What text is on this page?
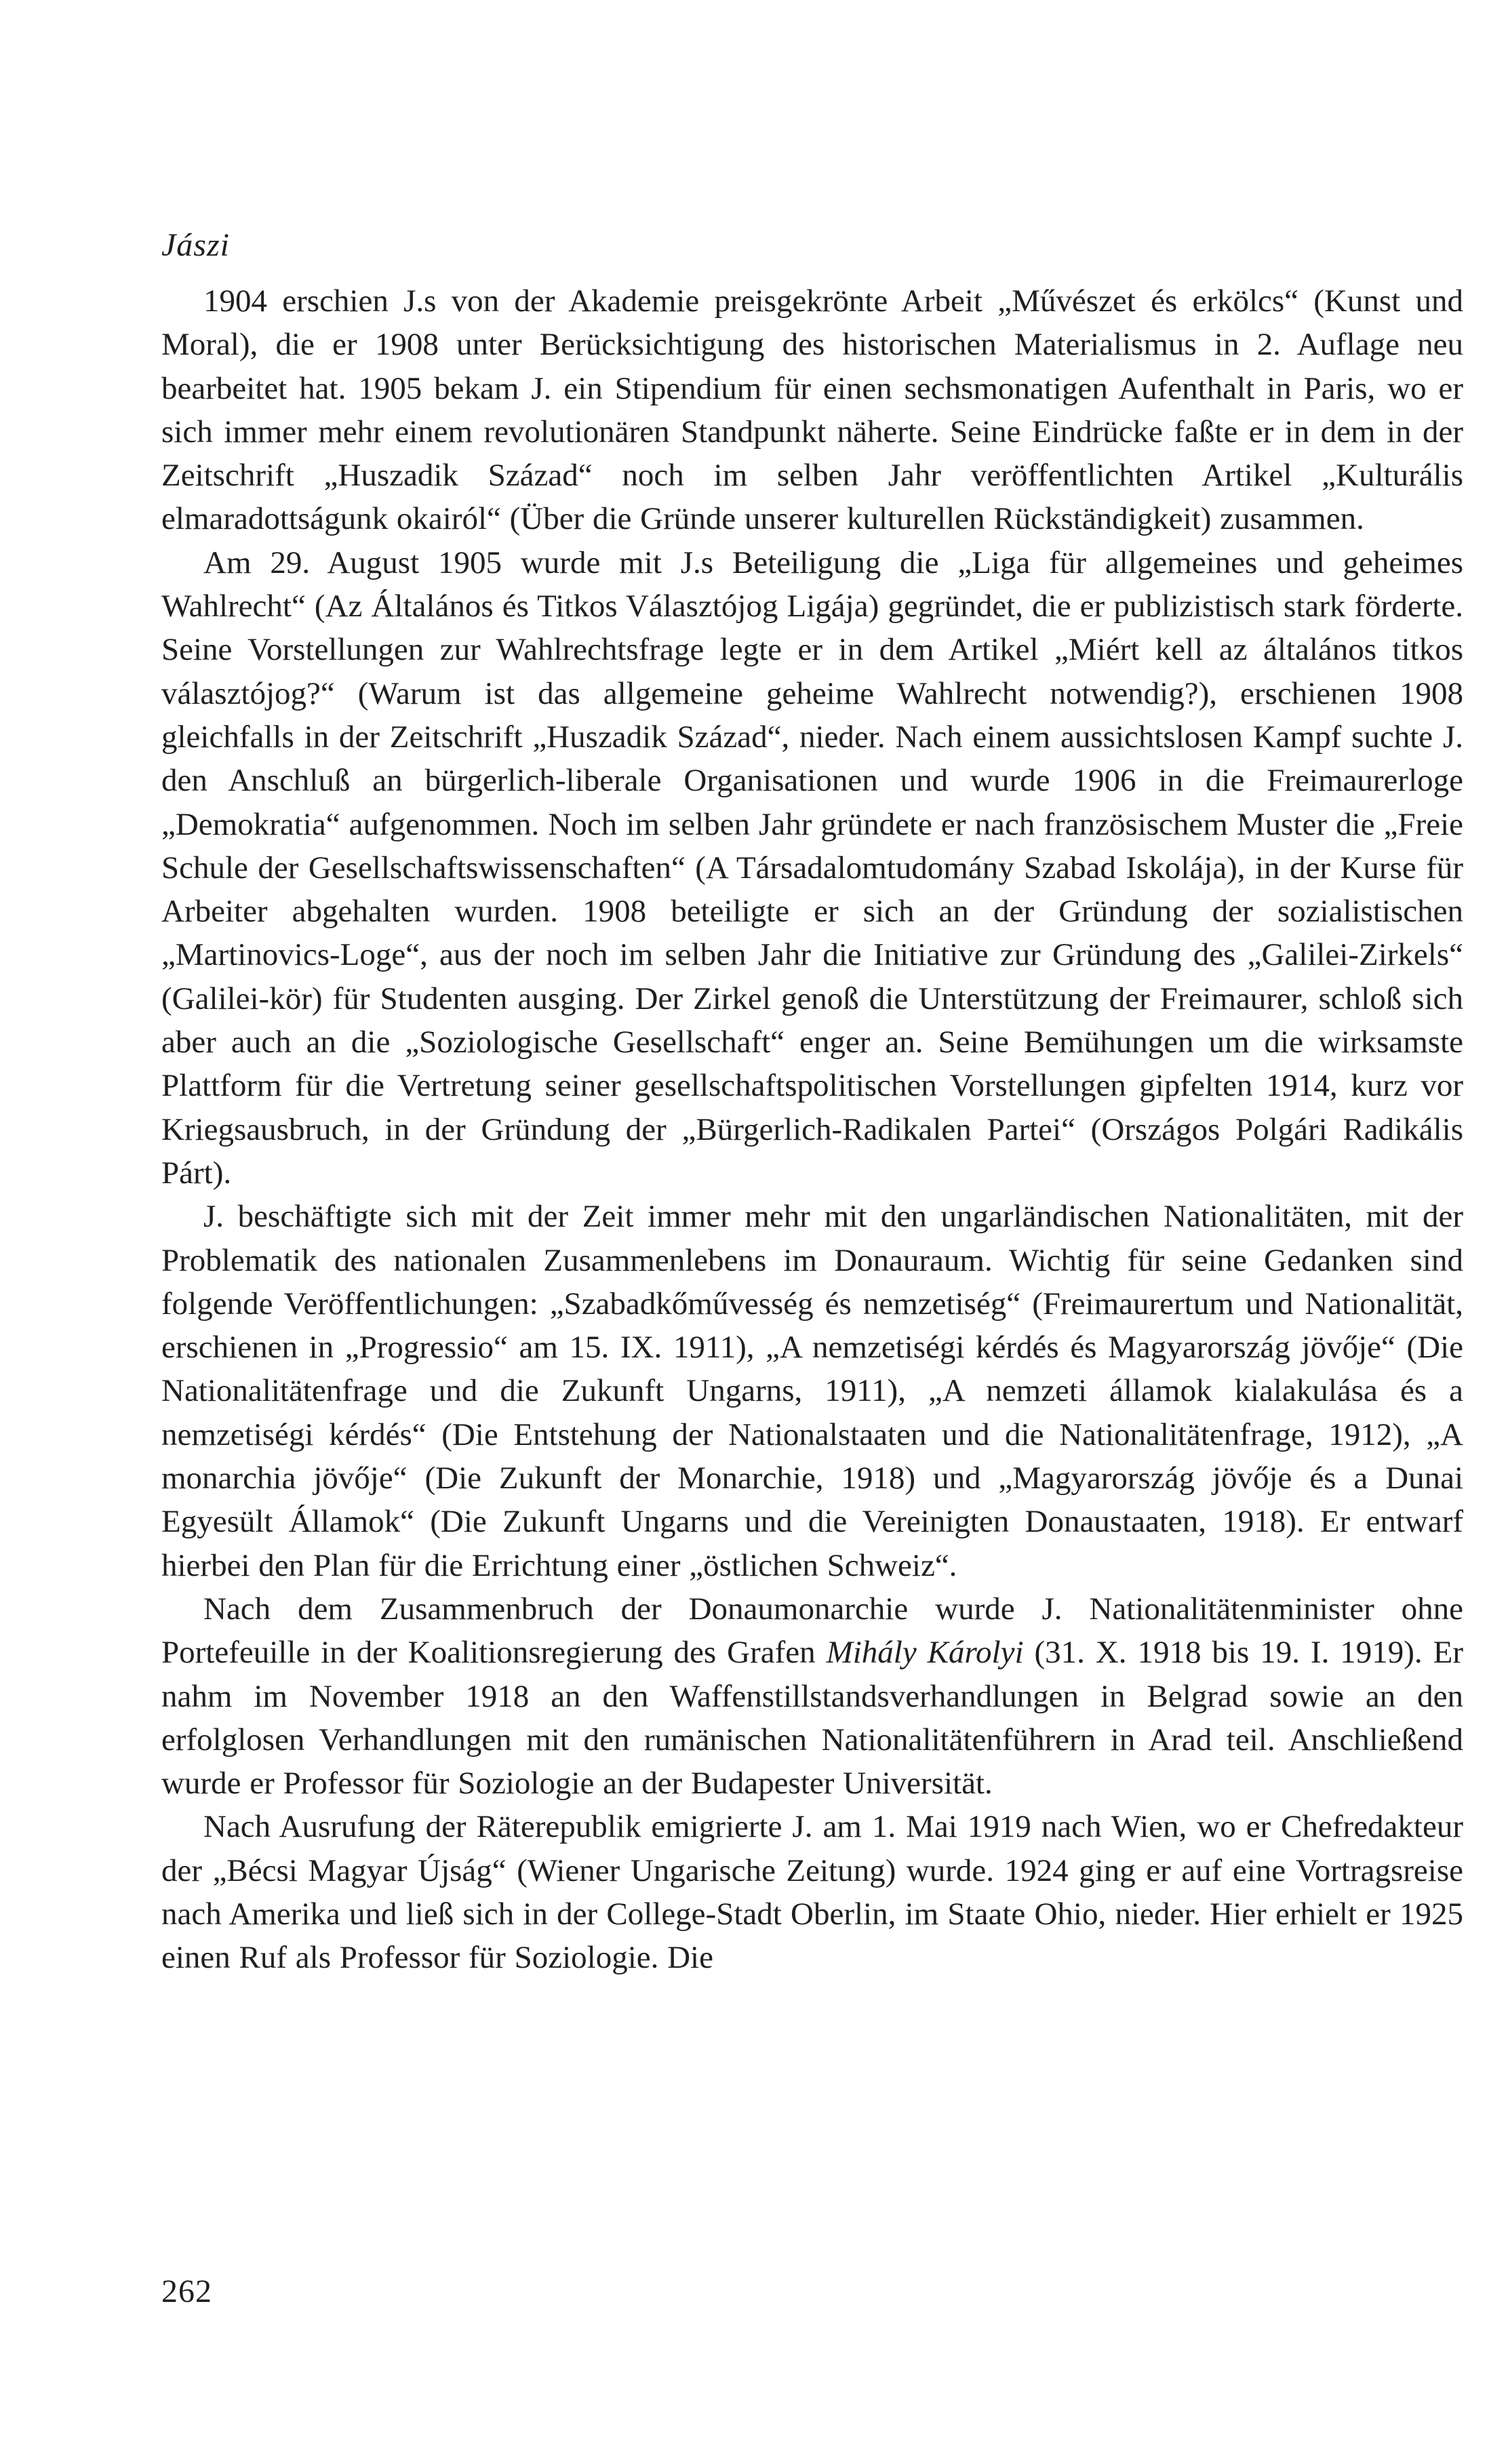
Jászi

1904 erschien J.s von der Akademie preisgekrönte Arbeit „Művészet és erkölcs“ (Kunst und Moral), die er 1908 unter Berücksichtigung des historischen Materialismus in 2. Auflage neu bearbeitet hat. 1905 bekam J. ein Stipendium für einen sechsmonatigen Aufenthalt in Paris, wo er sich immer mehr einem revolutionären Standpunkt näherte. Seine Eindrücke faßte er in dem in der Zeitschrift „Huszadik Század“ noch im selben Jahr veröffentlichten Artikel „Kulturális elmaradottságunk okairól“ (Über die Gründe unserer kulturellen Rückständigkeit) zusammen.

Am 29. August 1905 wurde mit J.s Beteiligung die „Liga für allgemeines und geheimes Wahlrecht“ (Az Általános és Titkos Választójog Ligája) gegründet, die er publizistisch stark förderte. Seine Vorstellungen zur Wahlrechtsfrage legte er in dem Artikel „Miért kell az általános titkos választójog?“ (Warum ist das allgemeine geheime Wahlrecht notwendig?), erschienen 1908 gleichfalls in der Zeitschrift „Huszadik Század“, nieder. Nach einem aussichtslosen Kampf suchte J. den Anschluß an bürgerlich-liberale Organisationen und wurde 1906 in die Freimaurerloge „Demokratia“ aufgenommen. Noch im selben Jahr gründete er nach französischem Muster die „Freie Schule der Gesellschaftswissenschaften“ (A Társadalomtudomány Szabad Iskolája), in der Kurse für Arbeiter abgehalten wurden. 1908 beteiligte er sich an der Gründung der sozialistischen „Martinovics-Loge“, aus der noch im selben Jahr die Initiative zur Gründung des „Galilei-Zirkels“ (Galilei-kör) für Studenten ausging. Der Zirkel genoß die Unterstützung der Freimaurer, schloß sich aber auch an die „Soziologische Gesellschaft“ enger an. Seine Bemühungen um die wirksamste Plattform für die Vertretung seiner gesellschaftspolitischen Vorstellungen gipfelten 1914, kurz vor Kriegsausbruch, in der Gründung der „Bürgerlich-Radikalen Partei“ (Országos Polgári Radikális Párt).

J. beschäftigte sich mit der Zeit immer mehr mit den ungarländischen Nationalitäten, mit der Problematik des nationalen Zusammenlebens im Donauraum. Wichtig für seine Gedanken sind folgende Veröffentlichungen: „Szabadkőművesség és nemzetiség“ (Freimaurertum und Nationalität, erschienen in „Progressio“ am 15. IX. 1911), „A nemzetiségi kérdés és Magyarország jövője“ (Die Nationalitätenfrage und die Zukunft Ungarns, 1911), „A nemzeti államok kialakulása és a nemzetiségi kérdés“ (Die Entstehung der Nationalstaaten und die Nationalitätenfrage, 1912), „A monarchia jövője“ (Die Zukunft der Monarchie, 1918) und „Magyarország jövője és a Dunai Egyesült Államok“ (Die Zukunft Ungarns und die Vereinigten Donaustaaten, 1918). Er entwarf hierbei den Plan für die Errichtung einer „östlichen Schweiz“.

Nach dem Zusammenbruch der Donaumonarchie wurde J. Nationalitätenminister ohne Portefeuille in der Koalitionsregierung des Grafen Mihály Károlyi (31. X. 1918 bis 19. I. 1919). Er nahm im November 1918 an den Waffenstillstandsverhandlungen in Belgrad sowie an den erfolglosen Verhandlungen mit den rumänischen Nationalitätenführern in Arad teil. Anschließend wurde er Professor für Soziologie an der Budapester Universität.

Nach Ausrufung der Räterepublik emigrierte J. am 1. Mai 1919 nach Wien, wo er Chefredakteur der „Bécsi Magyar Újság“ (Wiener Ungarische Zeitung) wurde. 1924 ging er auf eine Vortragsreise nach Amerika und ließ sich in der College-Stadt Oberlin, im Staate Ohio, nieder. Hier erhielt er 1925 einen Ruf als Professor für Soziologie. Die

262
